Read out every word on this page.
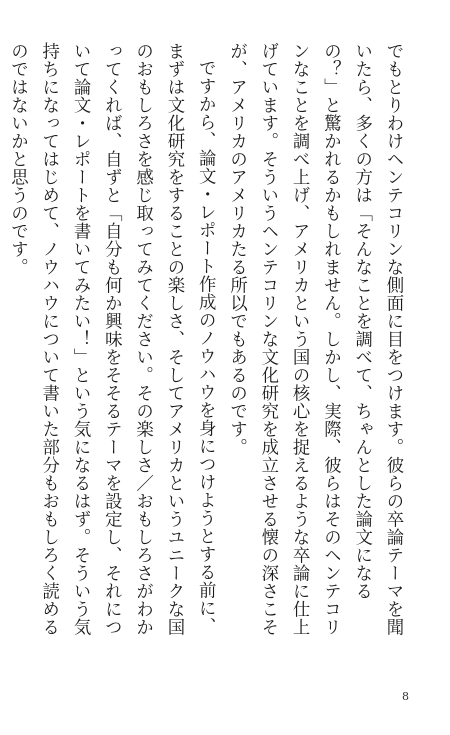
でもとりわけヘンテコリンな側面に目をつけます。彼らの卒論テーマを聞いたら、多くの方は「そんなことを調べて、ちゃんとした論文になるの？」と驚かれるかもしれません。しかし、実際、彼らはそのヘンテコリンなことを調べ上げ、アメリカという国の核心を捉えるような卒論に仕上げています。そういうヘンテコリンな文化研究を成立させる懐の深さこそが、アメリカのアメリカたる所以でもあるのです。

ですから、論文・レポート作成のノウハウを身につけようとする前に、まずは文化研究をすることの楽しさ、そしてアメリカというユニークな国のおもしろさを感じ取ってみてください。その楽しさ／おもしろさがわかってくれば、自ずと「自分も何か興味をそそるテーマを設定し、それについて論文・レポートを書いてみたい！」という気になるはず。そういう気持ちになってはじめて、ノウハウについて書いた部分もおもしろく読めるのではないかと思うのです。

8
